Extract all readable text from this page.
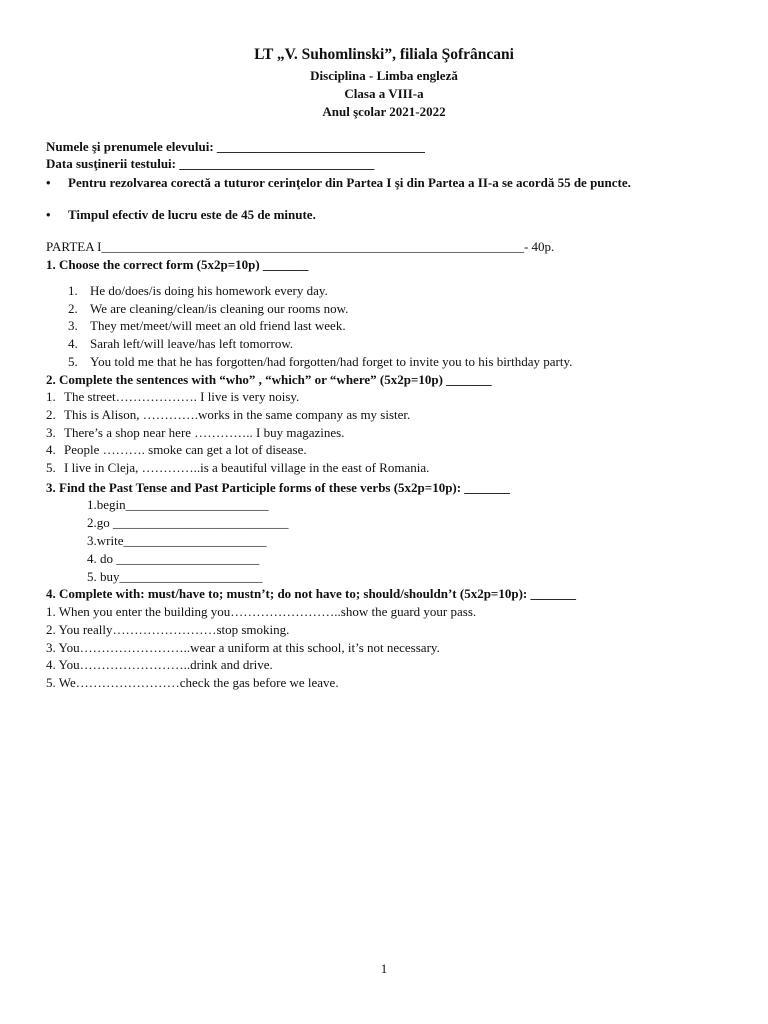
LT „V. Suhomlinski”, filiala Şofrâncani
Disciplina - Limba engleză
Clasa a VIII-a
Anul şcolar 2021-2022
Numele şi prenumele elevului: ________________________________
Data susţinerii testului: ______________________________
• Pentru rezolvarea corectă a tuturor cerinţelor din Partea I şi din Partea a II-a se acordă 55 de puncte.
• Timpul efectiv de lucru este de 45 de minute.
PARTEA I_________________________________________________________________- 40p.
1. Choose the correct form (5x2p=10p) _______
1. He do/does/is doing his homework every day.
2. We are cleaning/clean/is cleaning our rooms now.
3. They met/meet/will meet an old friend last week.
4. Sarah left/will leave/has left tomorrow.
5. You told me that he has forgotten/had forgotten/had forget to invite you to his birthday party.
2. Complete the sentences with “who” , “which” or “where” (5x2p=10p) _______
1. The street………………. I live is very noisy.
2. This is Alison, ………….works in the same company as my sister.
3. There’s a shop near here ………….. I buy magazines.
4. People ………. smoke can get a lot of disease.
5. I live in Cleja, …………..is a beautiful village in the east of Romania.
3. Find the Past Tense and Past Participle forms of these verbs (5x2p=10p): _______
1.begin______________________
2.go ___________________________
3.write______________________
4. do ______________________
5. buy______________________
4. Complete with: must/have to; mustn’t; do not have to; should/shouldn’t (5x2p=10p): _______
1. When you enter the building you……………………..show the guard your pass.
2. You really……………………stop smoking.
3. You……………………..wear a uniform at this school, it’s not necessary.
4. You……………………..drink and drive.
5. We……………………check the gas before we leave.
1
